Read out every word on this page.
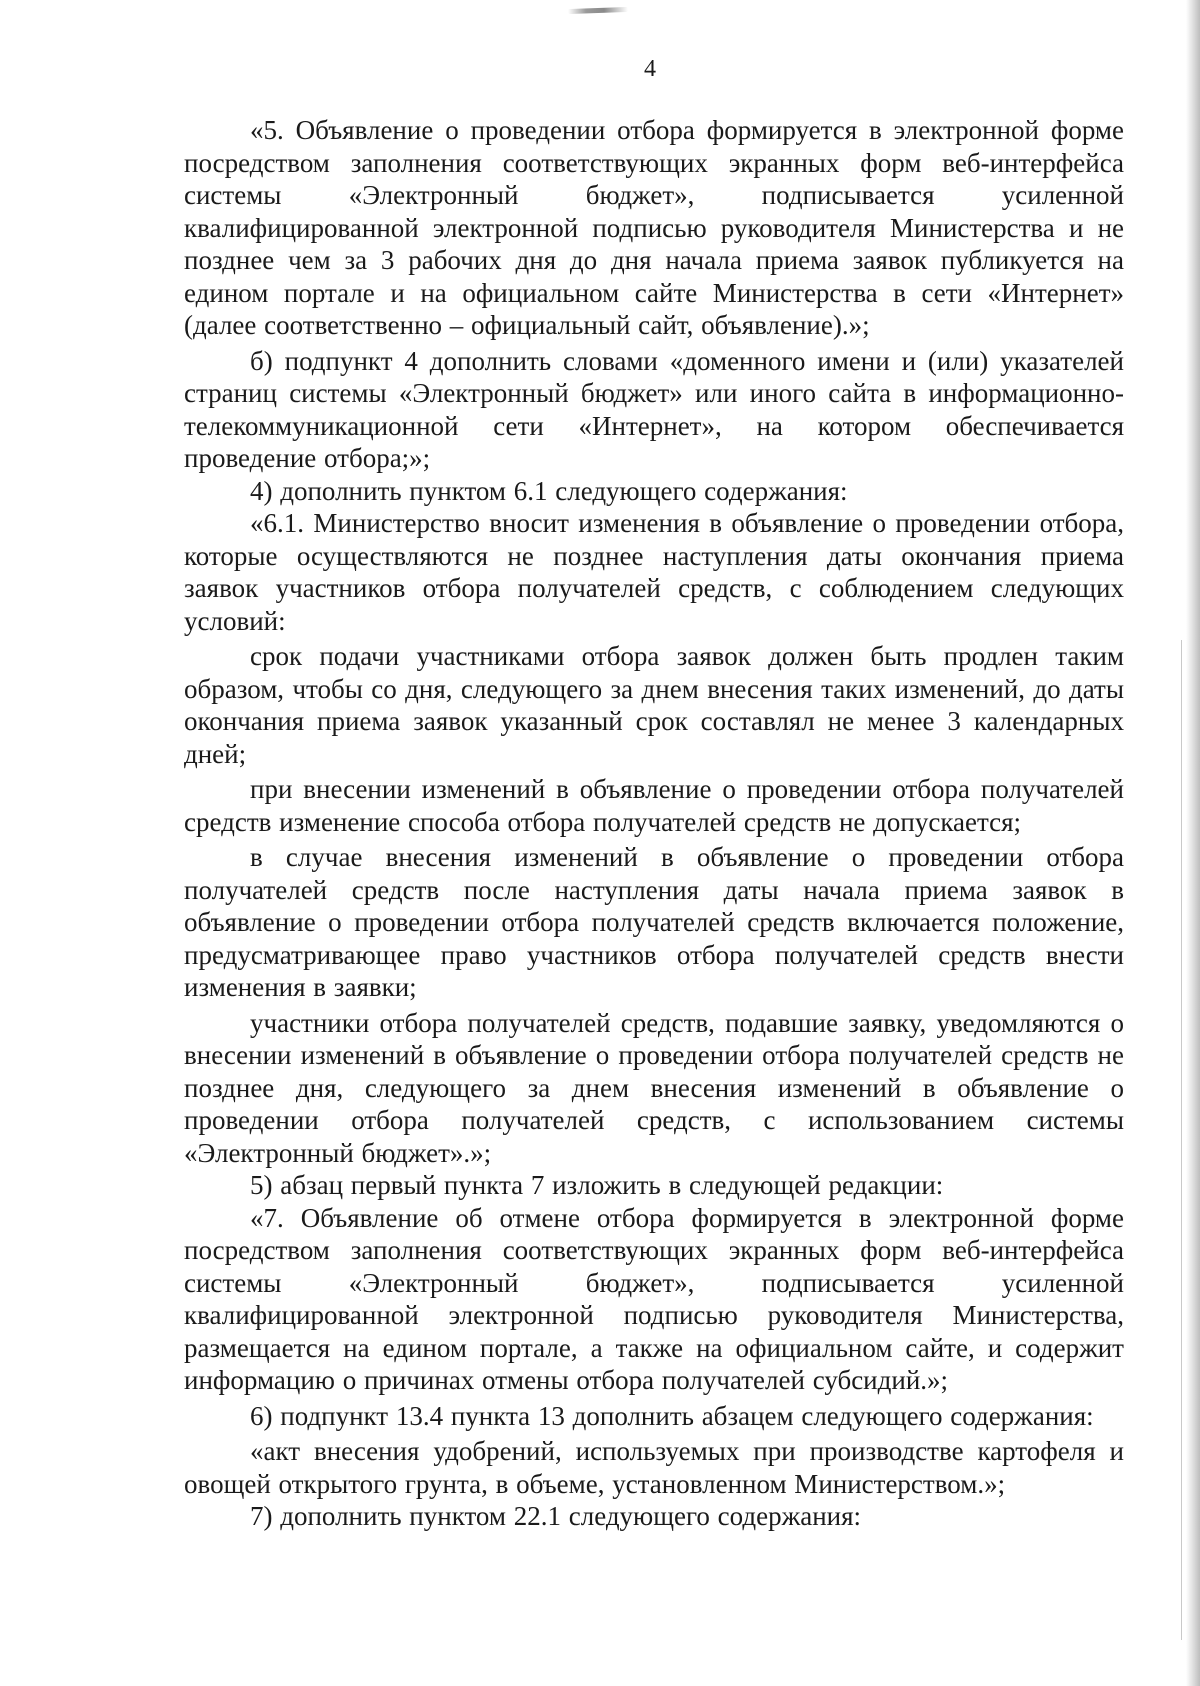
4

«5. Объявление о проведении отбора формируется в электронной форме посредством заполнения соответствующих экранных форм веб-интерфейса системы «Электронный бюджет», подписывается усиленной квалифицированной электронной подписью руководителя Министерства и не позднее чем за 3 рабочих дня до дня начала приема заявок публикуется на едином портале и на официальном сайте Министерства в сети «Интернет» (далее соответственно – официальный сайт, объявление).»;

б) подпункт 4 дополнить словами «доменного имени и (или) указателей страниц системы «Электронный бюджет» или иного сайта в информационно-телекоммуникационной сети «Интернет», на котором обеспечивается проведение отбора;»;

4) дополнить пунктом 6.1 следующего содержания:

«6.1. Министерство вносит изменения в объявление о проведении отбора, которые осуществляются не позднее наступления даты окончания приема заявок участников отбора получателей средств, с соблюдением следующих условий:

срок подачи участниками отбора заявок должен быть продлен таким образом, чтобы со дня, следующего за днем внесения таких изменений, до даты окончания приема заявок указанный срок составлял не менее 3 календарных дней;

при внесении изменений в объявление о проведении отбора получателей средств изменение способа отбора получателей средств не допускается;

в случае внесения изменений в объявление о проведении отбора получателей средств после наступления даты начала приема заявок в объявление о проведении отбора получателей средств включается положение, предусматривающее право участников отбора получателей средств внести изменения в заявки;

участники отбора получателей средств, подавшие заявку, уведомляются о внесении изменений в объявление о проведении отбора получателей средств не позднее дня, следующего за днем внесения изменений в объявление о проведении отбора получателей средств, с использованием системы «Электронный бюджет».»;

5) абзац первый пункта 7 изложить в следующей редакции:

«7. Объявление об отмене отбора формируется в электронной форме посредством заполнения соответствующих экранных форм веб-интерфейса системы «Электронный бюджет», подписывается усиленной квалифицированной электронной подписью руководителя Министерства, размещается на едином портале, а также на официальном сайте, и содержит информацию о причинах отмены отбора получателей субсидий.»;

6) подпункт 13.4 пункта 13 дополнить абзацем следующего содержания:

«акт внесения удобрений, используемых при производстве картофеля и овощей открытого грунта, в объеме, установленном Министерством.»;

7) дополнить пунктом 22.1 следующего содержания:
